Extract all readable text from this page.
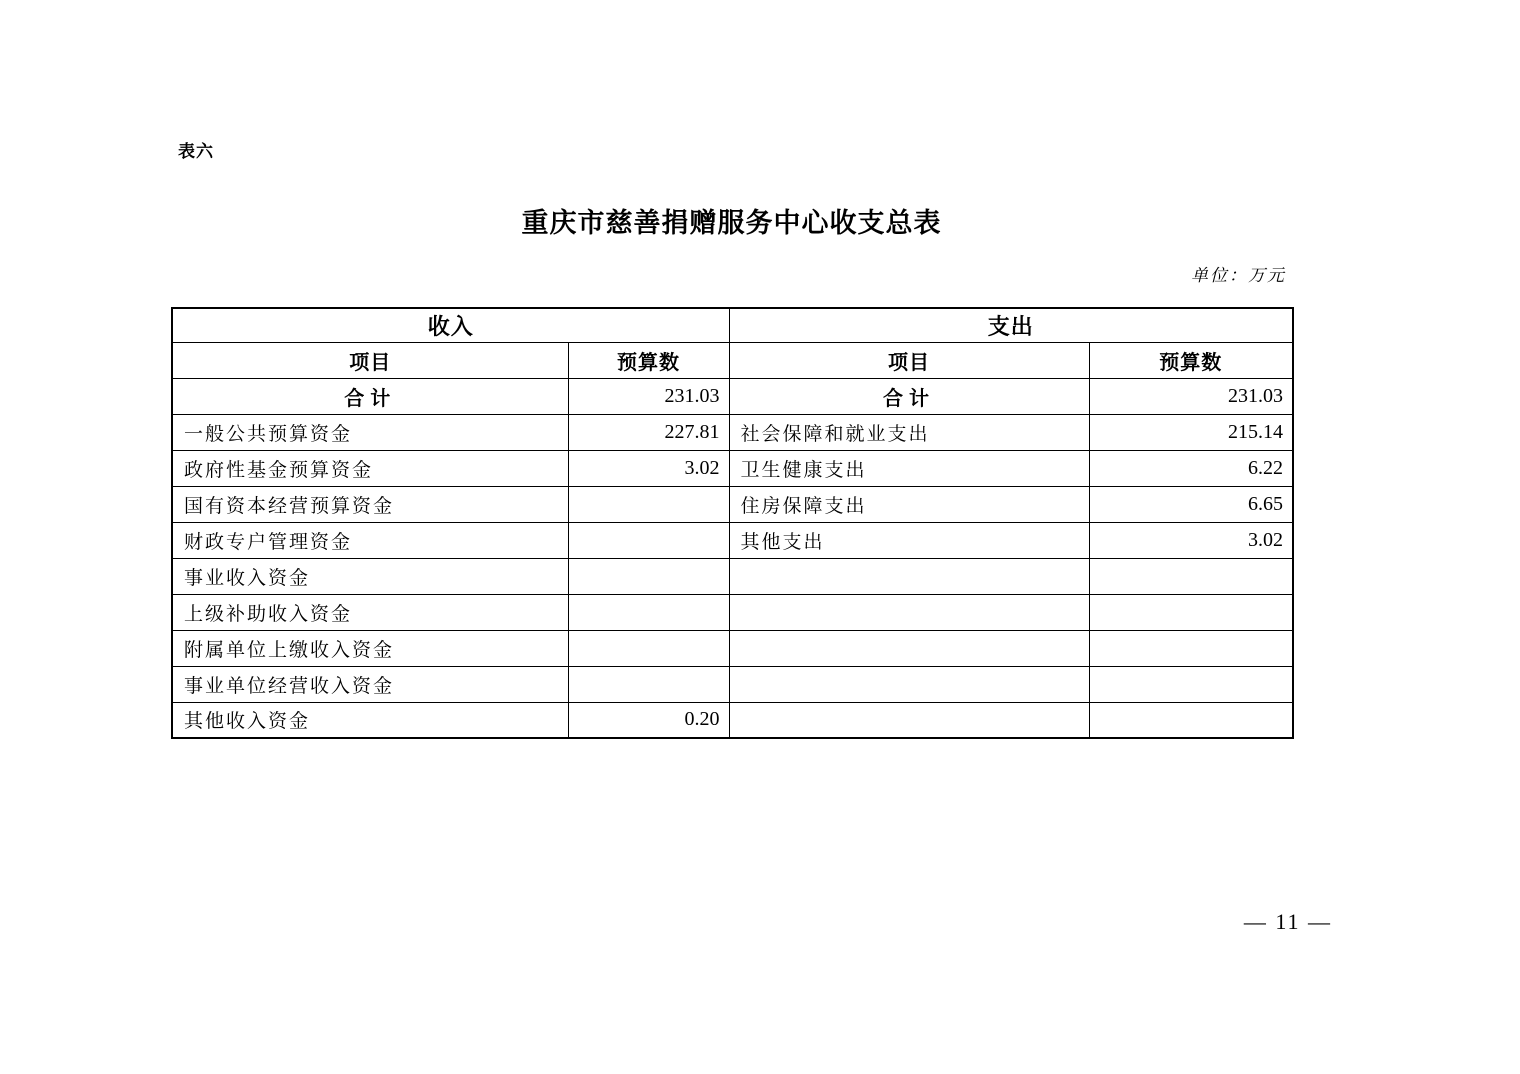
表六
重庆市慈善捐赠服务中心收支总表
单位：万元
收入		支出	
项目	预算数	项目	预算数
合计	231.03	合计	231.03
一般公共预算资金	227.81	社会保障和就业支出	215.14
政府性基金预算资金	3.02	卫生健康支出	6.22
国有资本经营预算资金		住房保障支出	6.65
财政专户管理资金		其他支出	3.02
事业收入资金			
上级补助收入资金			
附属单位上缴收入资金			
事业单位经营收入资金			
其他收入资金	0.20		
— 11 —
